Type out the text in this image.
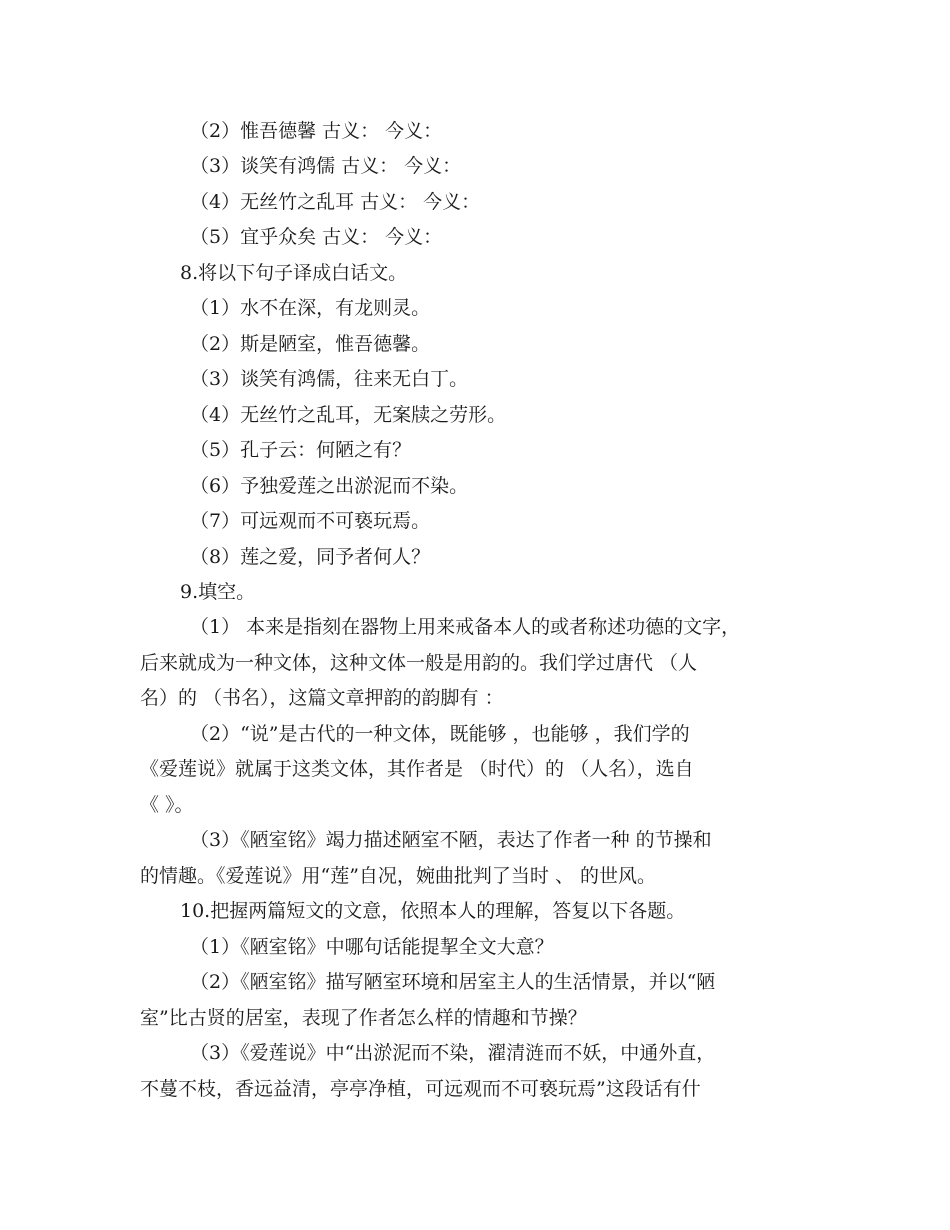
（2）惟吾德馨 古义： 今义：
（3）谈笑有鸿儒 古义： 今义：
（4）无丝竹之乱耳 古义： 今义：
（5）宜乎众矣 古义： 今义：
8.将以下句子译成白话文。
（1）水不在深，有龙则灵。
（2）斯是陋室，惟吾德馨。
（3）谈笑有鸿儒，往来无白丁。
（4）无丝竹之乱耳，无案牍之劳形。
（5）孔子云：何陋之有？
（6）予独爱莲之出淤泥而不染。
（7）可远观而不可亵玩焉。
（8）莲之爱，同予者何人？
9.填空。
（1） 本来是指刻在器物上用来戒备本人的或者称述功德的文字，
后来就成为一种文体，这种文体一般是用韵的。我们学过唐代 （人
名）的 （书名），这篇文章押韵的韵脚有 ：
（2）“说”是古代的一种文体，既能够 ，也能够 ，我们学的
《爱莲说》就属于这类文体，其作者是 （时代）的 （人名），选自
《 》。
（3）《陋室铭》竭力描述陋室不陋，表达了作者一种 的节操和
的情趣。《爱莲说》用“莲”自况，婉曲批判了当时 、 的世风。
10.把握两篇短文的文意，依照本人的理解，答复以下各题。
（1）《陋室铭》中哪句话能提挈全文大意？
（2）《陋室铭》描写陋室环境和居室主人的生活情景，并以“陋
室”比古贤的居室，表现了作者怎么样的情趣和节操？
（3）《爱莲说》中“出淤泥而不染，濯清涟而不妖，中通外直，
不蔓不枝，香远益清，亭亭净植，可远观而不可亵玩焉”这段话有什
